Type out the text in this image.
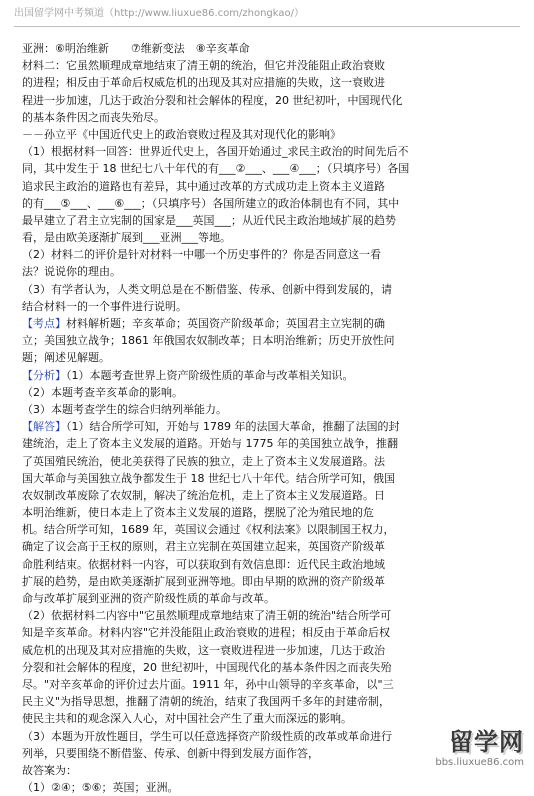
出国留学网中考频道（http://www.liuxue86.com/zhongkao/）
亚洲：⑥明治维新　　⑦维新变法　⑧辛亥革命
材料二：它虽然顺理成章地结束了清王朝的统治，但它并没能阻止政治衰败
的进程；相反由于革命后权威危机的出现及其对应措施的失败，这一衰败进
程进一步加速，几达于政治分裂和社会解体的程度，20 世纪初叶，中国现代化
的基本条件因之而丧失殆尽。
－－孙立平《中国近代史上的政治衰败过程及其对现代化的影响》
（1）根据材料一回答：世界近代史上，各国开始通过_求民主政治的时间先后不
同，其中发生于 18 世纪七八十年代的有___②___、___④___；（只填序号）各国
追求民主政治的道路也有差异，其中通过改革的方式成功走上资本主义道路
的有___⑤___、___⑥___；（只填序号）各国所建立的政治体制也有不同，其中
最早建立了君主立宪制的国家是___英国___；从近代民主政治地域扩展的趋势
看，是由欧美逐渐扩展到___亚洲___等地。
（2）材料二的评价是针对材料一中哪一个历史事件的？你是否同意这一看
法？说说你的理由。
（3）有学者认为，人类文明总是在不断借鉴、传承、创新中得到发展的，请
结合材料一的一个事件进行说明。
【考点】材料解析题；辛亥革命；英国资产阶级革命；英国君主立宪制的确
立；美国独立战争；1861 年俄国农奴制改革；日本明治维新；历史开放性问
题；阐述见解题。
【分析】（1）本题考查世界上资产阶级性质的革命与改革相关知识。
（2）本题考查辛亥革命的影响。
（3）本题考查学生的综合归纳列举能力。
【解答】（1）结合所学可知，开始与 1789 年的法国大革命，推翻了法国的封
建统治，走上了资本主义发展的道路。开始与 1775 年的美国独立战争，推翻
了英国殖民统治，使北美获得了民族的独立，走上了资本主义发展道路。法
国大革命与美国独立战争都发生于 18 世纪七八十年代。结合所学可知，俄国
农奴制改革废除了农奴制，解决了统治危机，走上了资本主义发展道路。日
本明治维新，使日本走上了资本主义发展的道路，摆脱了沦为殖民地的危
机。结合所学可知，1689 年，英国议会通过《权利法案》以限制国王权力，
确定了议会高于王权的原则，君主立宪制在英国建立起来，英国资产阶级革
命胜利结束。依据材料一内容，可以获取到有效信息即：近代民主政治地域
扩展的趋势，是由欧美逐渐扩展到亚洲等地。即由早期的欧洲的资产阶级革
命与改革扩展到亚洲的资产阶级性质的革命与改革。
（2）依据材料二内容中"它虽然顺理成章地结束了清王朝的统治"结合所学可
知是辛亥革命。材料内容"它并没能阻止政治衰败的进程；相反由于革命后权
威危机的出现及其对应措施的失败，这一衰败进程进一步加速，几达于政治
分裂和社会解体的程度，20 世纪初叶，中国现代化的基本条件因之而丧失殆
尽。"对辛亥革命的评价过去片面。1911 年，孙中山领导的辛亥革命，以"三
民主义"为指导思想，推翻了清朝的统治，结束了我国两千多年的封建帝制，
使民主共和的观念深入人心，对中国社会产生了重大而深远的影响。
（3）本题为开放性题目，学生可以任意选择资产阶级性质的改革或革命进行
列举，只要围绕不断借鉴、传承、创新中得到发展方面作答，
故答案为：
（1）②④；⑤⑥；英国；亚洲。
留学网
bbs.liuxue86.com
